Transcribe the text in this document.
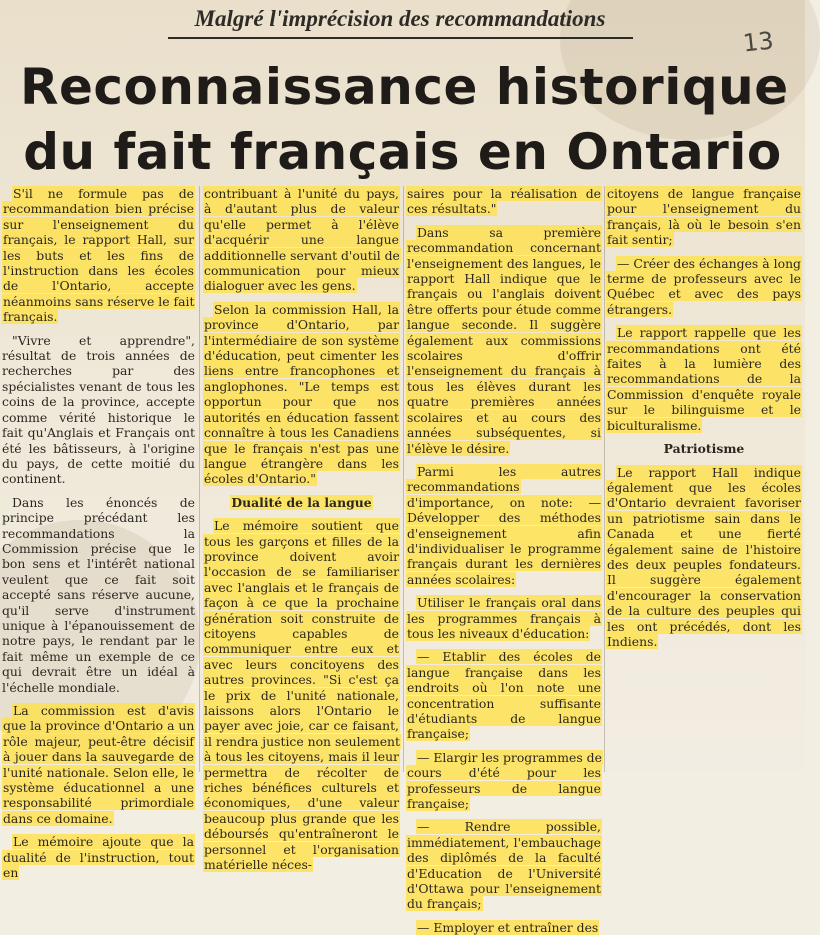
Malgré l'imprécision des recommandations
13
Reconnaissance historique
du fait français en Ontario

S'il ne formule pas de recommandation bien précise sur l'enseignement du français, le rapport Hall, sur les buts et les fins de l'instruction dans les écoles de l'Ontario, accepte néanmoins sans réserve le fait français.

"Vivre et apprendre", résultat de trois années de recherches par des spécialistes venant de tous les coins de la province, accepte comme vérité historique le fait qu'Anglais et Français ont été les bâtisseurs, à l'origine du pays, de cette moitié du continent.

Dans les énoncés de principe précédant les recommandations la Commission précise que le bon sens et l'intérêt national veulent que ce fait soit accepté sans réserve aucune, qu'il serve d'instrument unique à l'épanouissement de notre pays, le rendant par le fait même un exemple de ce qui devrait être un idéal à l'échelle mondiale.

La commission est d'avis que la province d'Ontario a un rôle majeur, peut-être décisif à jouer dans la sauvegarde de l'unité nationale. Selon elle, le système éducationnel a une responsabilité primordiale dans ce domaine.

Le mémoire ajoute que la dualité de l'instruction, tout en

contribuant à l'unité du pays, à d'autant plus de valeur qu'elle permet à l'élève d'acquérir une langue additionnelle servant d'outil de communication pour mieux dialoguer avec les gens.

Selon la commission Hall, la province d'Ontario, par l'intermédiaire de son système d'éducation, peut cimenter les liens entre francophones et anglophones. "Le temps est opportun pour que nos autorités en éducation fassent connaître à tous les Canadiens que le français n'est pas une langue étrangère dans les écoles d'Ontario."

Dualité de la langue

Le mémoire soutient que tous les garçons et filles de la province doivent avoir l'occasion de se familiariser avec l'anglais et le français de façon à ce que la prochaine génération soit construite de citoyens capables de communiquer entre eux et avec leurs concitoyens des autres provinces. "Si c'est ça le prix de l'unité nationale, laissons alors l'Ontario le payer avec joie, car ce faisant, il rendra justice non seulement à tous les citoyens, mais il leur permettra de récolter de riches bénéfices culturels et économiques, d'une valeur beaucoup plus grande que les déboursés qu'entraîneront le personnel et l'organisation matérielle néces-

saires pour la réalisation de ces résultats."

Dans sa première recommandation concernant l'enseignement des langues, le rapport Hall indique que le français ou l'anglais doivent être offerts pour étude comme langue seconde. Il suggère également aux commissions scolaires d'offrir l'enseignement du français à tous les élèves durant les quatre premières années scolaires et au cours des années subséquentes, si l'élève le désire.

Parmi les autres recommandations d'importance, on note: — Développer des méthodes d'enseignement afin d'individualiser le programme français durant les dernières années scolaires:

Utiliser le français oral dans les programmes français à tous les niveaux d'éducation:

— Etablir des écoles de langue française dans les endroits où l'on note une concentration suffisante d'étudiants de langue française;

— Elargir les programmes de cours d'été pour les professeurs de langue française;

— Rendre possible, immédiatement, l'embauchage des diplômés de la faculté d'Education de l'Université d'Ottawa pour l'enseignement du français;

— Employer et entraîner des

citoyens de langue française pour l'enseignement du français, là où le besoin s'en fait sentir;

— Créer des échanges à long terme de professeurs avec le Québec et avec des pays étrangers.

Le rapport rappelle que les recommandations ont été faites à la lumière des recommandations de la Commission d'enquête royale sur le bilinguisme et le biculturalisme.

Patriotisme

Le rapport Hall indique également que les écoles d'Ontario devraient favoriser un patriotisme sain dans le Canada et une fierté également saine de l'histoire des deux peuples fondateurs. Il suggère également d'encourager la conservation de la culture des peuples qui les ont précédés, dont les Indiens.
